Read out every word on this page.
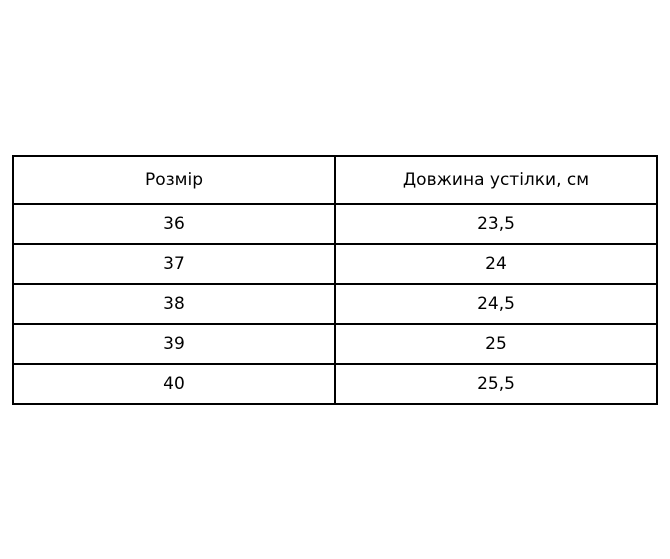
Розмір	Довжина устілки, см
36	23,5
37	24
38	24,5
39	25
40	25,5
